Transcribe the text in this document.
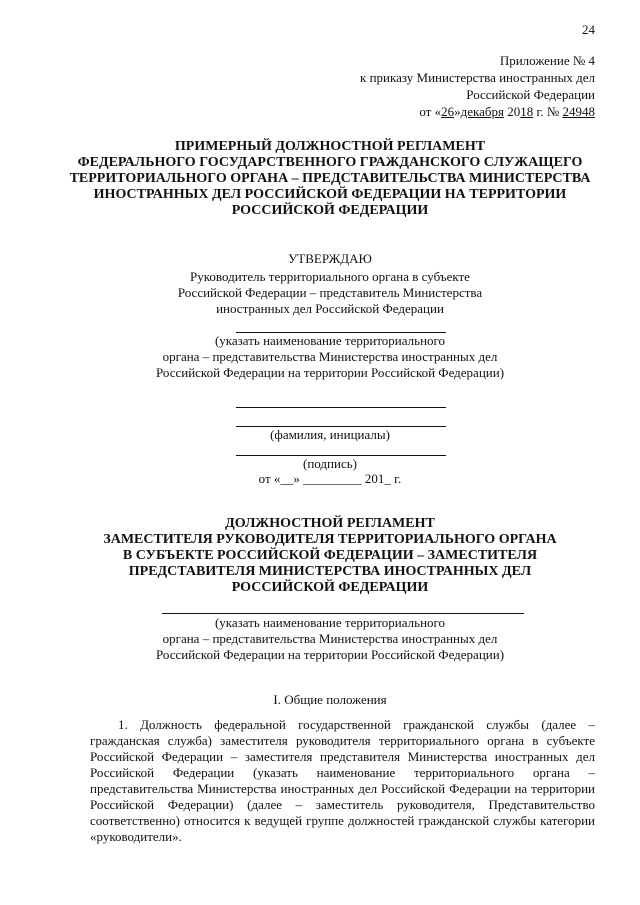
24
Приложение № 4
к приказу Министерства иностранных дел
Российской Федерации
от «26»декабря 2018 г. № 24948
ПРИМЕРНЫЙ ДОЛЖНОСТНОЙ РЕГЛАМЕНТ
ФЕДЕРАЛЬНОГО ГОСУДАРСТВЕННОГО ГРАЖДАНСКОГО СЛУЖАЩЕГО
ТЕРРИТОРИАЛЬНОГО ОРГАНА – ПРЕДСТАВИТЕЛЬСТВА МИНИСТЕРСТВА
ИНОСТРАННЫХ ДЕЛ РОССИЙСКОЙ ФЕДЕРАЦИИ НА ТЕРРИТОРИИ
РОССИЙСКОЙ ФЕДЕРАЦИИ
УТВЕРЖДАЮ
Руководитель территориального органа в субъекте
Российской Федерации – представитель Министерства
иностранных дел Российской Федерации
(указать наименование территориального
органа – представительства Министерства иностранных дел
Российской Федерации на территории Российской Федерации)
(фамилия, инициалы)
(подпись)
от «__» _________ 201_ г.
ДОЛЖНОСТНОЙ РЕГЛАМЕНТ
ЗАМЕСТИТЕЛЯ РУКОВОДИТЕЛЯ ТЕРРИТОРИАЛЬНОГО ОРГАНА
В СУБЪЕКТЕ РОССИЙСКОЙ ФЕДЕРАЦИИ – ЗАМЕСТИТЕЛЯ
ПРЕДСТАВИТЕЛЯ МИНИСТЕРСТВА ИНОСТРАННЫХ ДЕЛ
РОССИЙСКОЙ ФЕДЕРАЦИИ
(указать наименование территориального
органа – представительства Министерства иностранных дел
Российской Федерации на территории Российской Федерации)
I. Общие положения
1. Должность федеральной государственной гражданской службы (далее –
гражданская служба) заместителя руководителя территориального органа в субъекте
Российской Федерации – заместителя представителя Министерства иностранных дел
Российской Федерации (указать наименование территориального органа –
представительства Министерства иностранных дел Российской Федерации на территории
Российской Федерации) (далее – заместитель руководителя, Представительство
соответственно) относится к ведущей группе должностей гражданской службы категории
«руководители».
